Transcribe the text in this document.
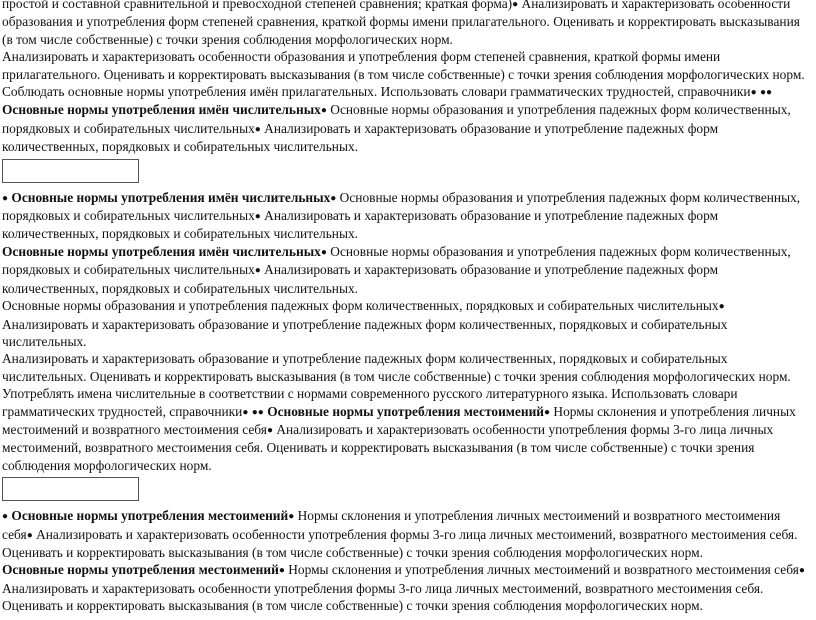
простой и составной сравнительной и превосходной степеней сравнения; краткая форма)● Анализировать и характеризовать особенности образования и употребления форм степеней сравнения, краткой формы имени прилагательного. Оценивать и корректировать высказывания (в том числе собственные) с точки зрения соблюдения морфологических норм.

Анализировать и характеризовать особенности образования и употребления форм степеней сравнения, краткой формы имени прилагательного. Оценивать и корректировать высказывания (в том числе собственные) с точки зрения соблюдения морфологических норм.

Соблюдать основные нормы употребления имён прилагательных. Использовать словари грамматических трудностей, справочники● ●● Основные нормы употребления имён числительных● Основные нормы образования и употребления падежных форм количественных, порядковых и собирательных числительных● Анализировать и характеризовать образование и употребление падежных форм количественных, порядковых и собирательных числительных.

● Основные нормы употребления имён числительных● Основные нормы образования и употребления падежных форм количественных, порядковых и собирательных числительных● Анализировать и характеризовать образование и употребление падежных форм количественных, порядковых и собирательных числительных.

Основные нормы употребления имён числительных● Основные нормы образования и употребления падежных форм количественных, порядковых и собирательных числительных● Анализировать и характеризовать образование и употребление падежных форм количественных, порядковых и собирательных числительных.

Основные нормы образования и употребления падежных форм количественных, порядковых и собирательных числительных● Анализировать и характеризовать образование и употребление падежных форм количественных, порядковых и собирательных числительных.

Анализировать и характеризовать образование и употребление падежных форм количественных, порядковых и собирательных числительных. Оценивать и корректировать высказывания (в том числе собственные) с точки зрения соблюдения морфологических норм.

Употреблять имена числительные в соответствии с нормами современного русского литературного языка. Использовать словари грамматических трудностей, справочники● ●● Основные нормы употребления местоимений● Нормы склонения и употребления личных местоимений и возвратного местоимения себя● Анализировать и характеризовать особенности употребления формы 3-го лица личных местоимений, возвратного местоимения себя. Оценивать и корректировать высказывания (в том числе собственные) с точки зрения соблюдения морфологических норм.

● Основные нормы употребления местоимений● Нормы склонения и употребления личных местоимений и возвратного местоимения себя● Анализировать и характеризовать особенности употребления формы 3-го лица личных местоимений, возвратного местоимения себя. Оценивать и корректировать высказывания (в том числе собственные) с точки зрения соблюдения морфологических норм.

Основные нормы употребления местоимений● Нормы склонения и употребления личных местоимений и возвратного местоимения себя● Анализировать и характеризовать особенности употребления формы 3-го лица личных местоимений, возвратного местоимения себя. Оценивать и корректировать высказывания (в том числе собственные) с точки зрения соблюдения морфологических норм.
